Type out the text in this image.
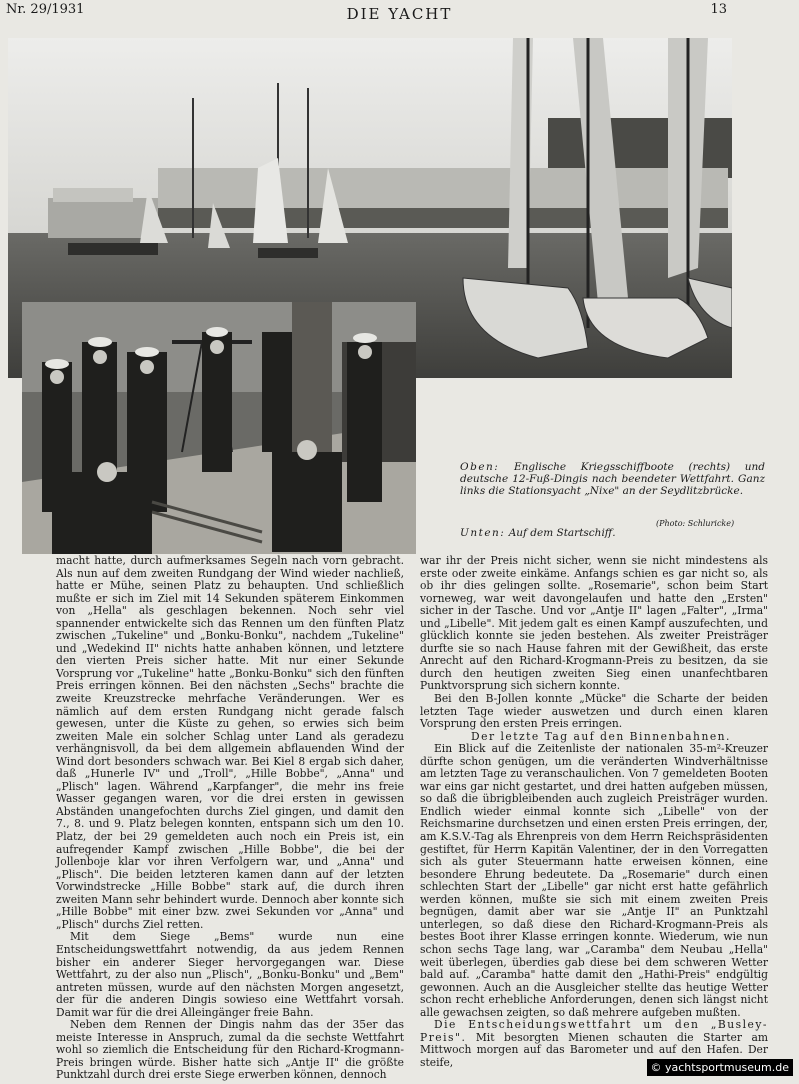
Nr. 29/1931	DIE YACHT	13
Oben: Englische Kriegsschiffboote (rechts) und deutsche 12-Fuß-Dingis nach beendeter Wettfahrt. Ganz links die Stationsyacht „Nixe" an der Seydlitzbrücke.
Unten: Auf dem Startschiff.
(Photo: Schluricke)

macht hatte, durch aufmerksames Segeln nach vorn gebracht. Als nun auf dem zweiten Rundgang der Wind wieder nachließ, hatte er Mühe, seinen Platz zu behaupten. Und schließlich mußte er sich im Ziel mit 14 Sekunden späterem Einkommen von „Hella" als geschlagen bekennen. Noch sehr viel spannender entwickelte sich das Rennen um den fünften Platz zwischen „Tukeline" und „Bonku-Bonku", nachdem „Tukeline" und „Wedekind II" nichts hatte anhaben können, und letztere den vierten Preis sicher hatte. Mit nur einer Sekunde Vorsprung vor „Tukeline" hatte „Bonku-Bonku" sich den fünften Preis erringen können. Bei den nächsten „Sechs" brachte die zweite Kreuzstrecke mehrfache Veränderungen. Wer es nämlich auf dem ersten Rundgang nicht gerade falsch gewesen, unter die Küste zu gehen, so erwies sich beim zweiten Male ein solcher Schlag unter Land als geradezu verhängnisvoll, da bei dem allgemein abflauenden Wind der Wind dort besonders schwach war. Bei Kiel 8 ergab sich daher, daß „Hunerle IV" und „Troll", „Hille Bobbe", „Anna" und „Plisch" lagen. Während „Karpfanger", die mehr ins freie Wasser gegangen waren, vor die drei ersten in gewissen Abständen unangefochten durchs Ziel gingen, und damit den 7., 8. und 9. Platz belegen konnten, entspann sich um den 10. Platz, der bei 29 gemeldeten auch noch ein Preis ist, ein aufregender Kampf zwischen „Hille Bobbe", die bei der Jollenboje klar vor ihren Verfolgern war, und „Anna" und „Plisch". Die beiden letzteren kamen dann auf der letzten Vorwindstrecke „Hille Bobbe" stark auf, die durch ihren zweiten Mann sehr behindert wurde. Dennoch aber konnte sich „Hille Bobbe" mit einer bzw. zwei Sekunden vor „Anna" und „Plisch" durchs Ziel retten.

Mit dem Siege „Bems" wurde nun eine Entscheidungswettfahrt notwendig, da aus jedem Rennen bisher ein anderer Sieger hervorgegangen war. Diese Wettfahrt, zu der also nun „Plisch", „Bonku-Bonku" und „Bem" antreten müssen, wurde auf den nächsten Morgen angesetzt, der für die anderen Dingis sowieso eine Wettfahrt vorsah. Damit war für die drei Alleingänger freie Bahn.

Neben dem Rennen der Dingis nahm das der 35er das meiste Interesse in Anspruch, zumal da die sechste Wettfahrt wohl so ziemlich die Entscheidung für den Richard-Krogmann-Preis bringen würde. Bisher hatte sich „Antje II" die größte Punktzahl durch drei erste Siege erwerben können, dennoch

war ihr der Preis nicht sicher, wenn sie nicht mindestens als erste oder zweite einkäme. Anfangs schien es gar nicht so, als ob ihr dies gelingen sollte. „Rosemarie", schon beim Start vorneweg, war weit davongelaufen und hatte den „Ersten" sicher in der Tasche. Und vor „Antje II" lagen „Falter", „Irma" und „Libelle". Mit jedem galt es einen Kampf auszufechten, und glücklich konnte sie jeden bestehen. Als zweiter Preisträger durfte sie so nach Hause fahren mit der Gewißheit, das erste Anrecht auf den Richard-Krogmann-Preis zu besitzen, da sie durch den heutigen zweiten Sieg einen unanfechtbaren Punktvorsprung sich sichern konnte.

Bei den B-Jollen konnte „Mücke" die Scharte der beiden letzten Tage wieder auswetzen und durch einen klaren Vorsprung den ersten Preis erringen.

Der letzte Tag auf den Binnenbahnen.

Ein Blick auf die Zeitenliste der nationalen 35-m²-Kreuzer dürfte schon genügen, um die veränderten Windverhältnisse am letzten Tage zu veranschaulichen. Von 7 gemeldeten Booten war eins gar nicht gestartet, und drei hatten aufgeben müssen, so daß die übrigbleibenden auch zugleich Preisträger wurden. Endlich wieder einmal konnte sich „Libelle" von der Reichsmarine durchsetzen und einen ersten Preis erringen, der, am K.S.V.-Tag als Ehrenpreis von dem Herrn Reichspräsidenten gestiftet, für Herrn Kapitän Valentiner, der in den Vorregatten sich als guter Steuermann hatte erweisen können, eine besondere Ehrung bedeutete. Da „Rosemarie" durch einen schlechten Start der „Libelle" gar nicht erst hatte gefährlich werden können, mußte sie sich mit einem zweiten Preis begnügen, damit aber war sie „Antje II" an Punktzahl unterlegen, so daß diese den Richard-Krogmann-Preis als bestes Boot ihrer Klasse erringen konnte. Wiederum, wie nun schon sechs Tage lang, war „Caramba" dem Neubau „Hella" weit überlegen, überdies gab diese bei dem schweren Wetter bald auf. „Caramba" hatte damit den „Hathi-Preis" endgültig gewonnen. Auch an die Ausgleicher stellte das heutige Wetter schon recht erhebliche Anforderungen, denen sich längst nicht alle gewachsen zeigten, so daß mehrere aufgeben mußten.

Die Entscheidungswettfahrt um den „Busley-Preis". Mit besorgten Mienen schauten die Starter am Mittwoch morgen auf das Barometer und auf den Hafen. Der steife,	© yachtsportmuseum.de
